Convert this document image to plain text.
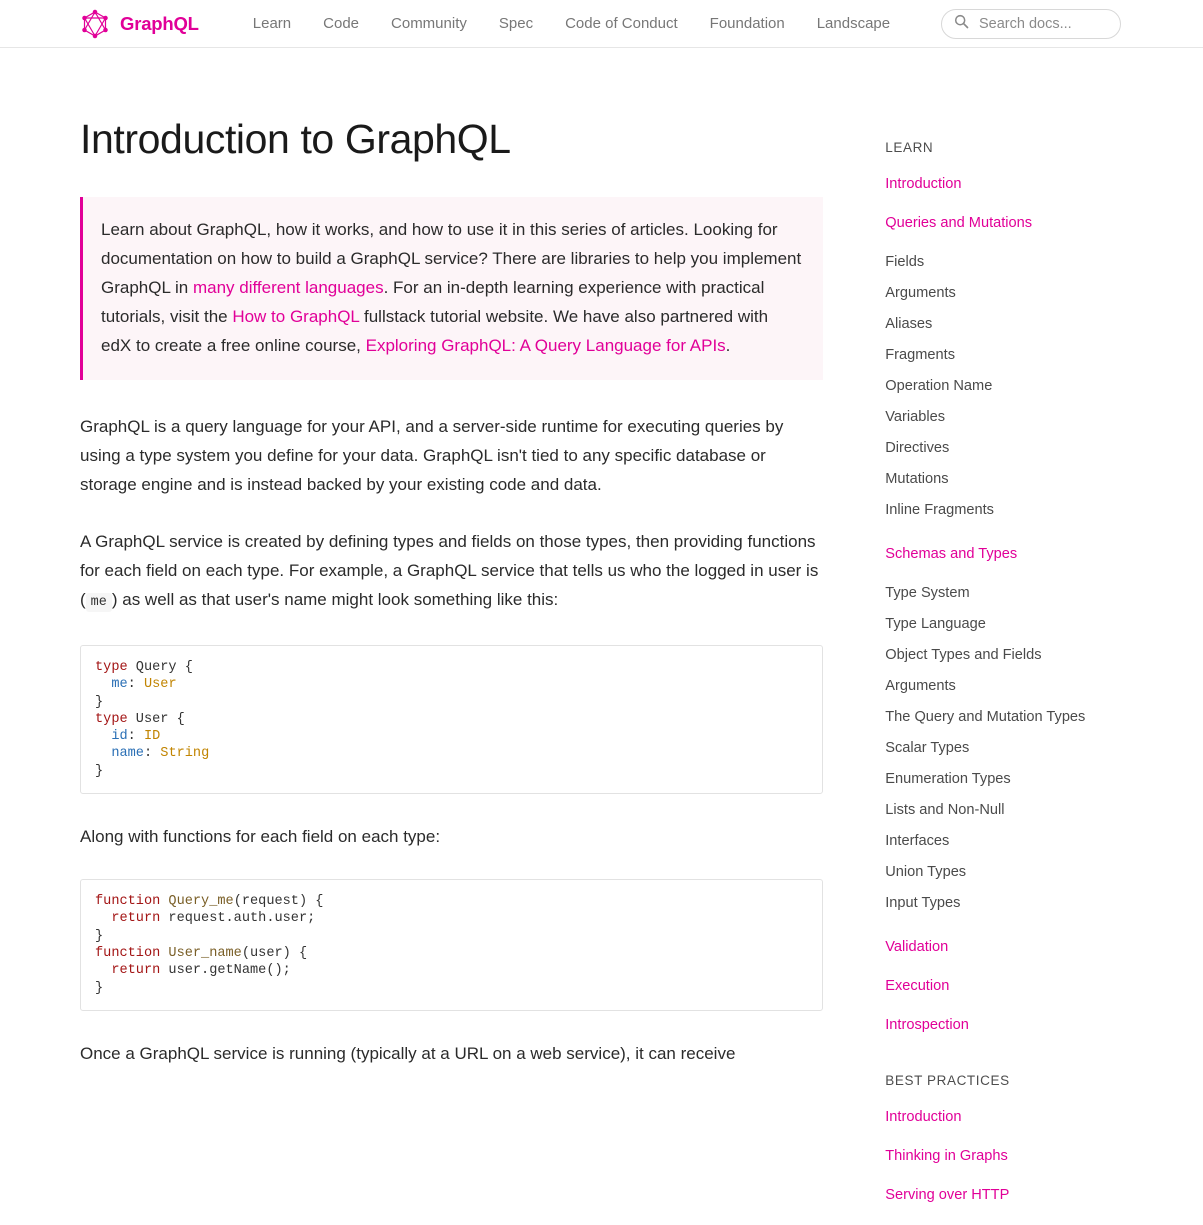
GraphQL	Learn	Code	Community	Spec	Code of Conduct	Foundation	Landscape
Search docs...
Introduction to GraphQL
Learn about GraphQL, how it works, and how to use it in this series of articles. Looking for documentation on how to build a GraphQL service? There are libraries to help you implement GraphQL in many different languages. For an in-depth learning experience with practical tutorials, visit the How to GraphQL fullstack tutorial website. We have also partnered with edX to create a free online course, Exploring GraphQL: A Query Language for APIs.

GraphQL is a query language for your API, and a server-side runtime for executing queries by using a type system you define for your data. GraphQL isn't tied to any specific database or storage engine and is instead backed by your existing code and data.

A GraphQL service is created by defining types and fields on those types, then providing functions for each field on each type. For example, a GraphQL service that tells us who the logged in user is ( me ) as well as that user's name might look something like this:

type Query {
me: User
}
type User {
id: ID
name: String
}

Along with functions for each field on each type:

function Query_me(request) {
return request.auth.user;
}
function User_name(user) {
return user.getName();
}

Once a GraphQL service is running (typically at a URL on a web service), it can receive

LEARN
Introduction
Queries and Mutations
Fields
Arguments
Aliases
Fragments
Operation Name
Variables
Directives
Mutations
Inline Fragments
Schemas and Types
Type System
Type Language
Object Types and Fields
Arguments
The Query and Mutation Types
Scalar Types
Enumeration Types
Lists and Non-Null
Interfaces
Union Types
Input Types
Validation
Execution
Introspection
BEST PRACTICES
Introduction
Thinking in Graphs
Serving over HTTP
